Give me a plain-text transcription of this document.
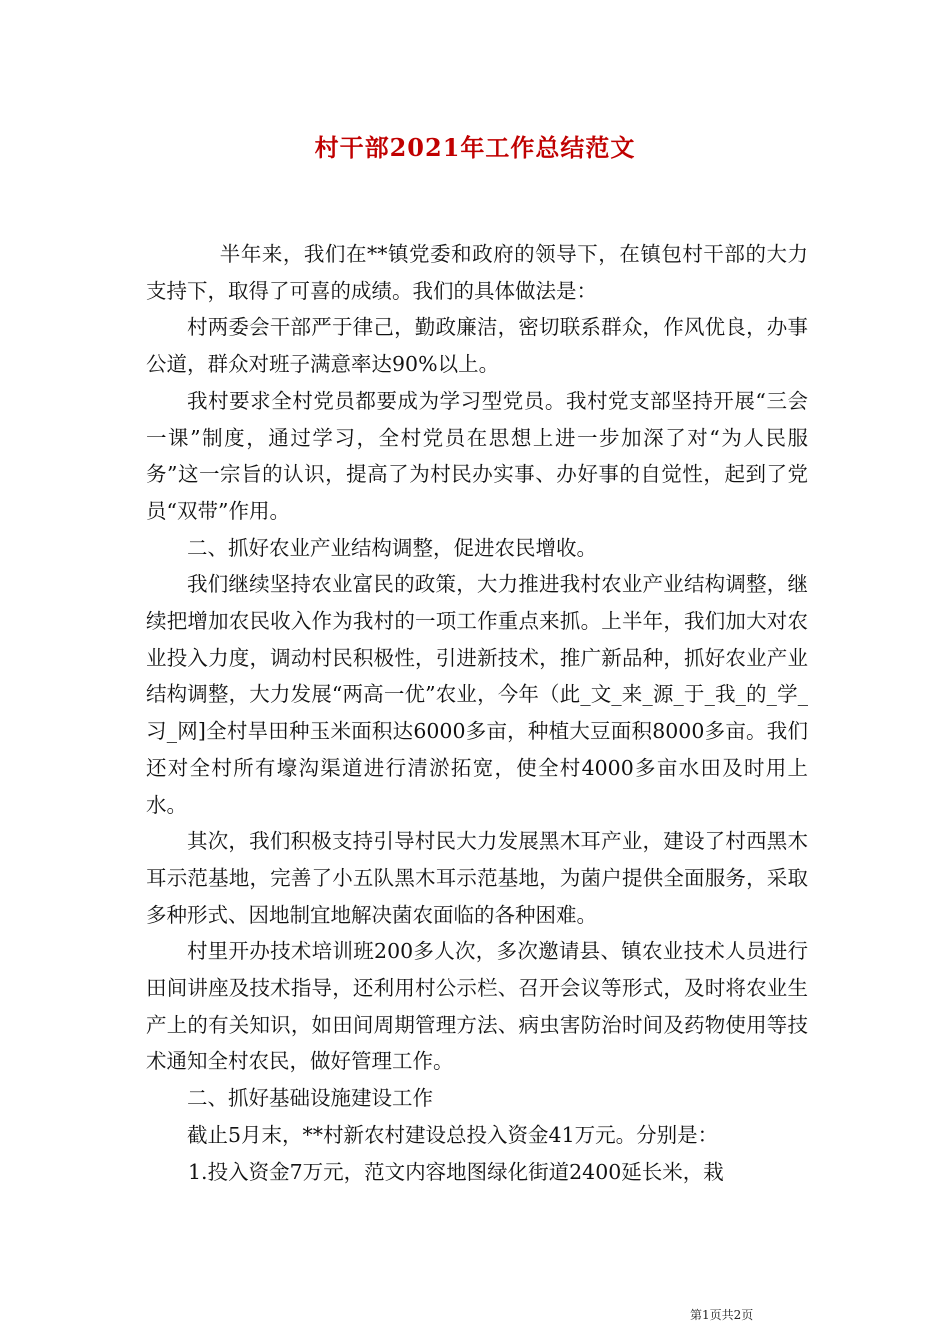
村干部2021年工作总结范文

半年来，我们在**镇党委和政府的领导下，在镇包村干部的大力支持下，取得了可喜的成绩。我们的具体做法是：

村两委会干部严于律己，勤政廉洁，密切联系群众，作风优良，办事公道，群众对班子满意率达90%以上。

我村要求全村党员都要成为学习型党员。我村党支部坚持开展“三会一课”制度，通过学习，全村党员在思想上进一步加深了对“为人民服务”这一宗旨的认识，提高了为村民办实事、办好事的自觉性，起到了党员“双带”作用。

二、抓好农业产业结构调整，促进农民增收。

我们继续坚持农业富民的政策，大力推进我村农业产业结构调整，继续把增加农民收入作为我村的一项工作重点来抓。上半年，我们加大对农业投入力度，调动村民积极性，引进新技术，推广新品种，抓好农业产业结构调整，大力发展“两高一优”农业，今年（此_文_来_源_于_我_的_学_习_网]全村旱田种玉米面积达6000多亩，种植大豆面积8000多亩。我们还对全村所有壕沟渠道进行清淤拓宽，使全村4000多亩水田及时用上水。

其次，我们积极支持引导村民大力发展黑木耳产业，建设了村西黑木耳示范基地，完善了小五队黑木耳示范基地，为菌户提供全面服务，采取多种形式、因地制宜地解决菌农面临的各种困难。

村里开办技术培训班200多人次，多次邀请县、镇农业技术人员进行田间讲座及技术指导，还利用村公示栏、召开会议等形式，及时将农业生产上的有关知识，如田间周期管理方法、病虫害防治时间及药物使用等技术通知全村农民，做好管理工作。

二、抓好基础设施建设工作

截止5月末，**村新农村建设总投入资金41万元。分别是：

1.投入资金7万元，范文内容地图绿化街道2400延长米，栽

第1页共2页
